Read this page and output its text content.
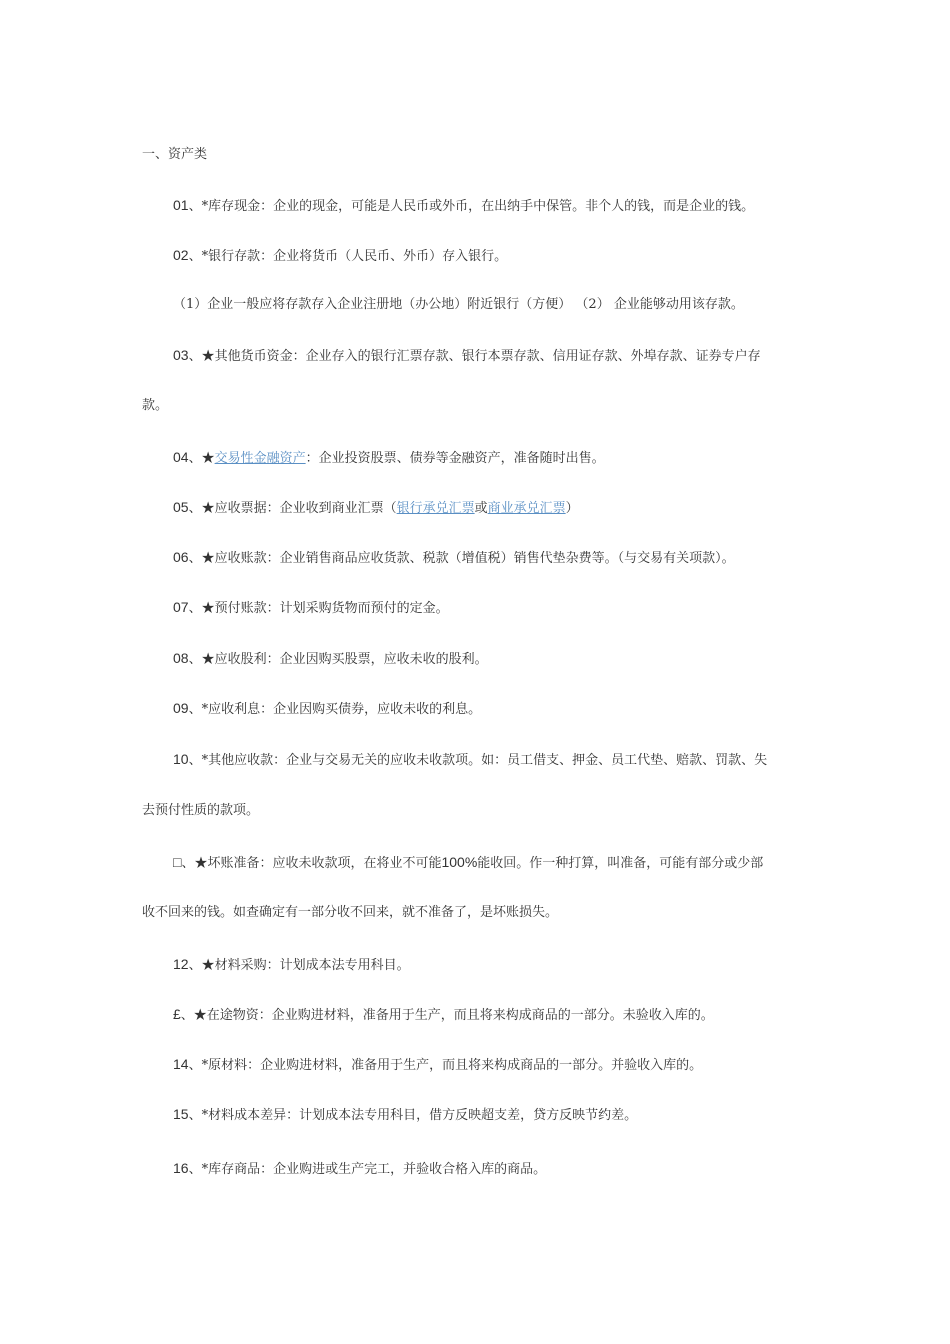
一、资产类
01、*库存现金：企业的现金，可能是人民币或外币，在出纳手中保管。非个人的钱，而是企业的钱。
02、*银行存款：企业将货币（人民币、外币）存入银行。
（1）企业一般应将存款存入企业注册地（办公地）附近银行（方便） （2） 企业能够动用该存款。
03、★其他货币资金：企业存入的银行汇票存款、银行本票存款、信用证存款、外埠存款、证券专户存
款。
04、★交易性金融资产：企业投资股票、债券等金融资产，准备随时出售。
05、★应收票据：企业收到商业汇票（银行承兑汇票或商业承兑汇票）
06、★应收账款：企业销售商品应收货款、税款（增值税）销售代垫杂费等。（与交易有关项款）。
07、★预付账款：计划采购货物而预付的定金。
08、★应收股利：企业因购买股票，应收未收的股利。
09、*应收利息：企业因购买债券，应收未收的利息。
10、*其他应收款：企业与交易无关的应收未收款项。如：员工借支、押金、员工代垫、赔款、罚款、失
去预付性质的款项。
□、★坏账准备：应收未收款项，在将业不可能100%能收回。作一种打算，叫准备，可能有部分或少部
收不回来的钱。如查确定有一部分收不回来，就不准备了，是坏账损失。
12、★材料采购：计划成本法专用科目。
£、★在途物资：企业购进材料，准备用于生产，而且将来构成商品的一部分。未验收入库的。
14、*原材料：企业购进材料，准备用于生产，而且将来构成商品的一部分。并验收入库的。
15、*材料成本差异：计划成本法专用科目，借方反映超支差，贷方反映节约差。
16、*库存商品：企业购进或生产完工，并验收合格入库的商品。
